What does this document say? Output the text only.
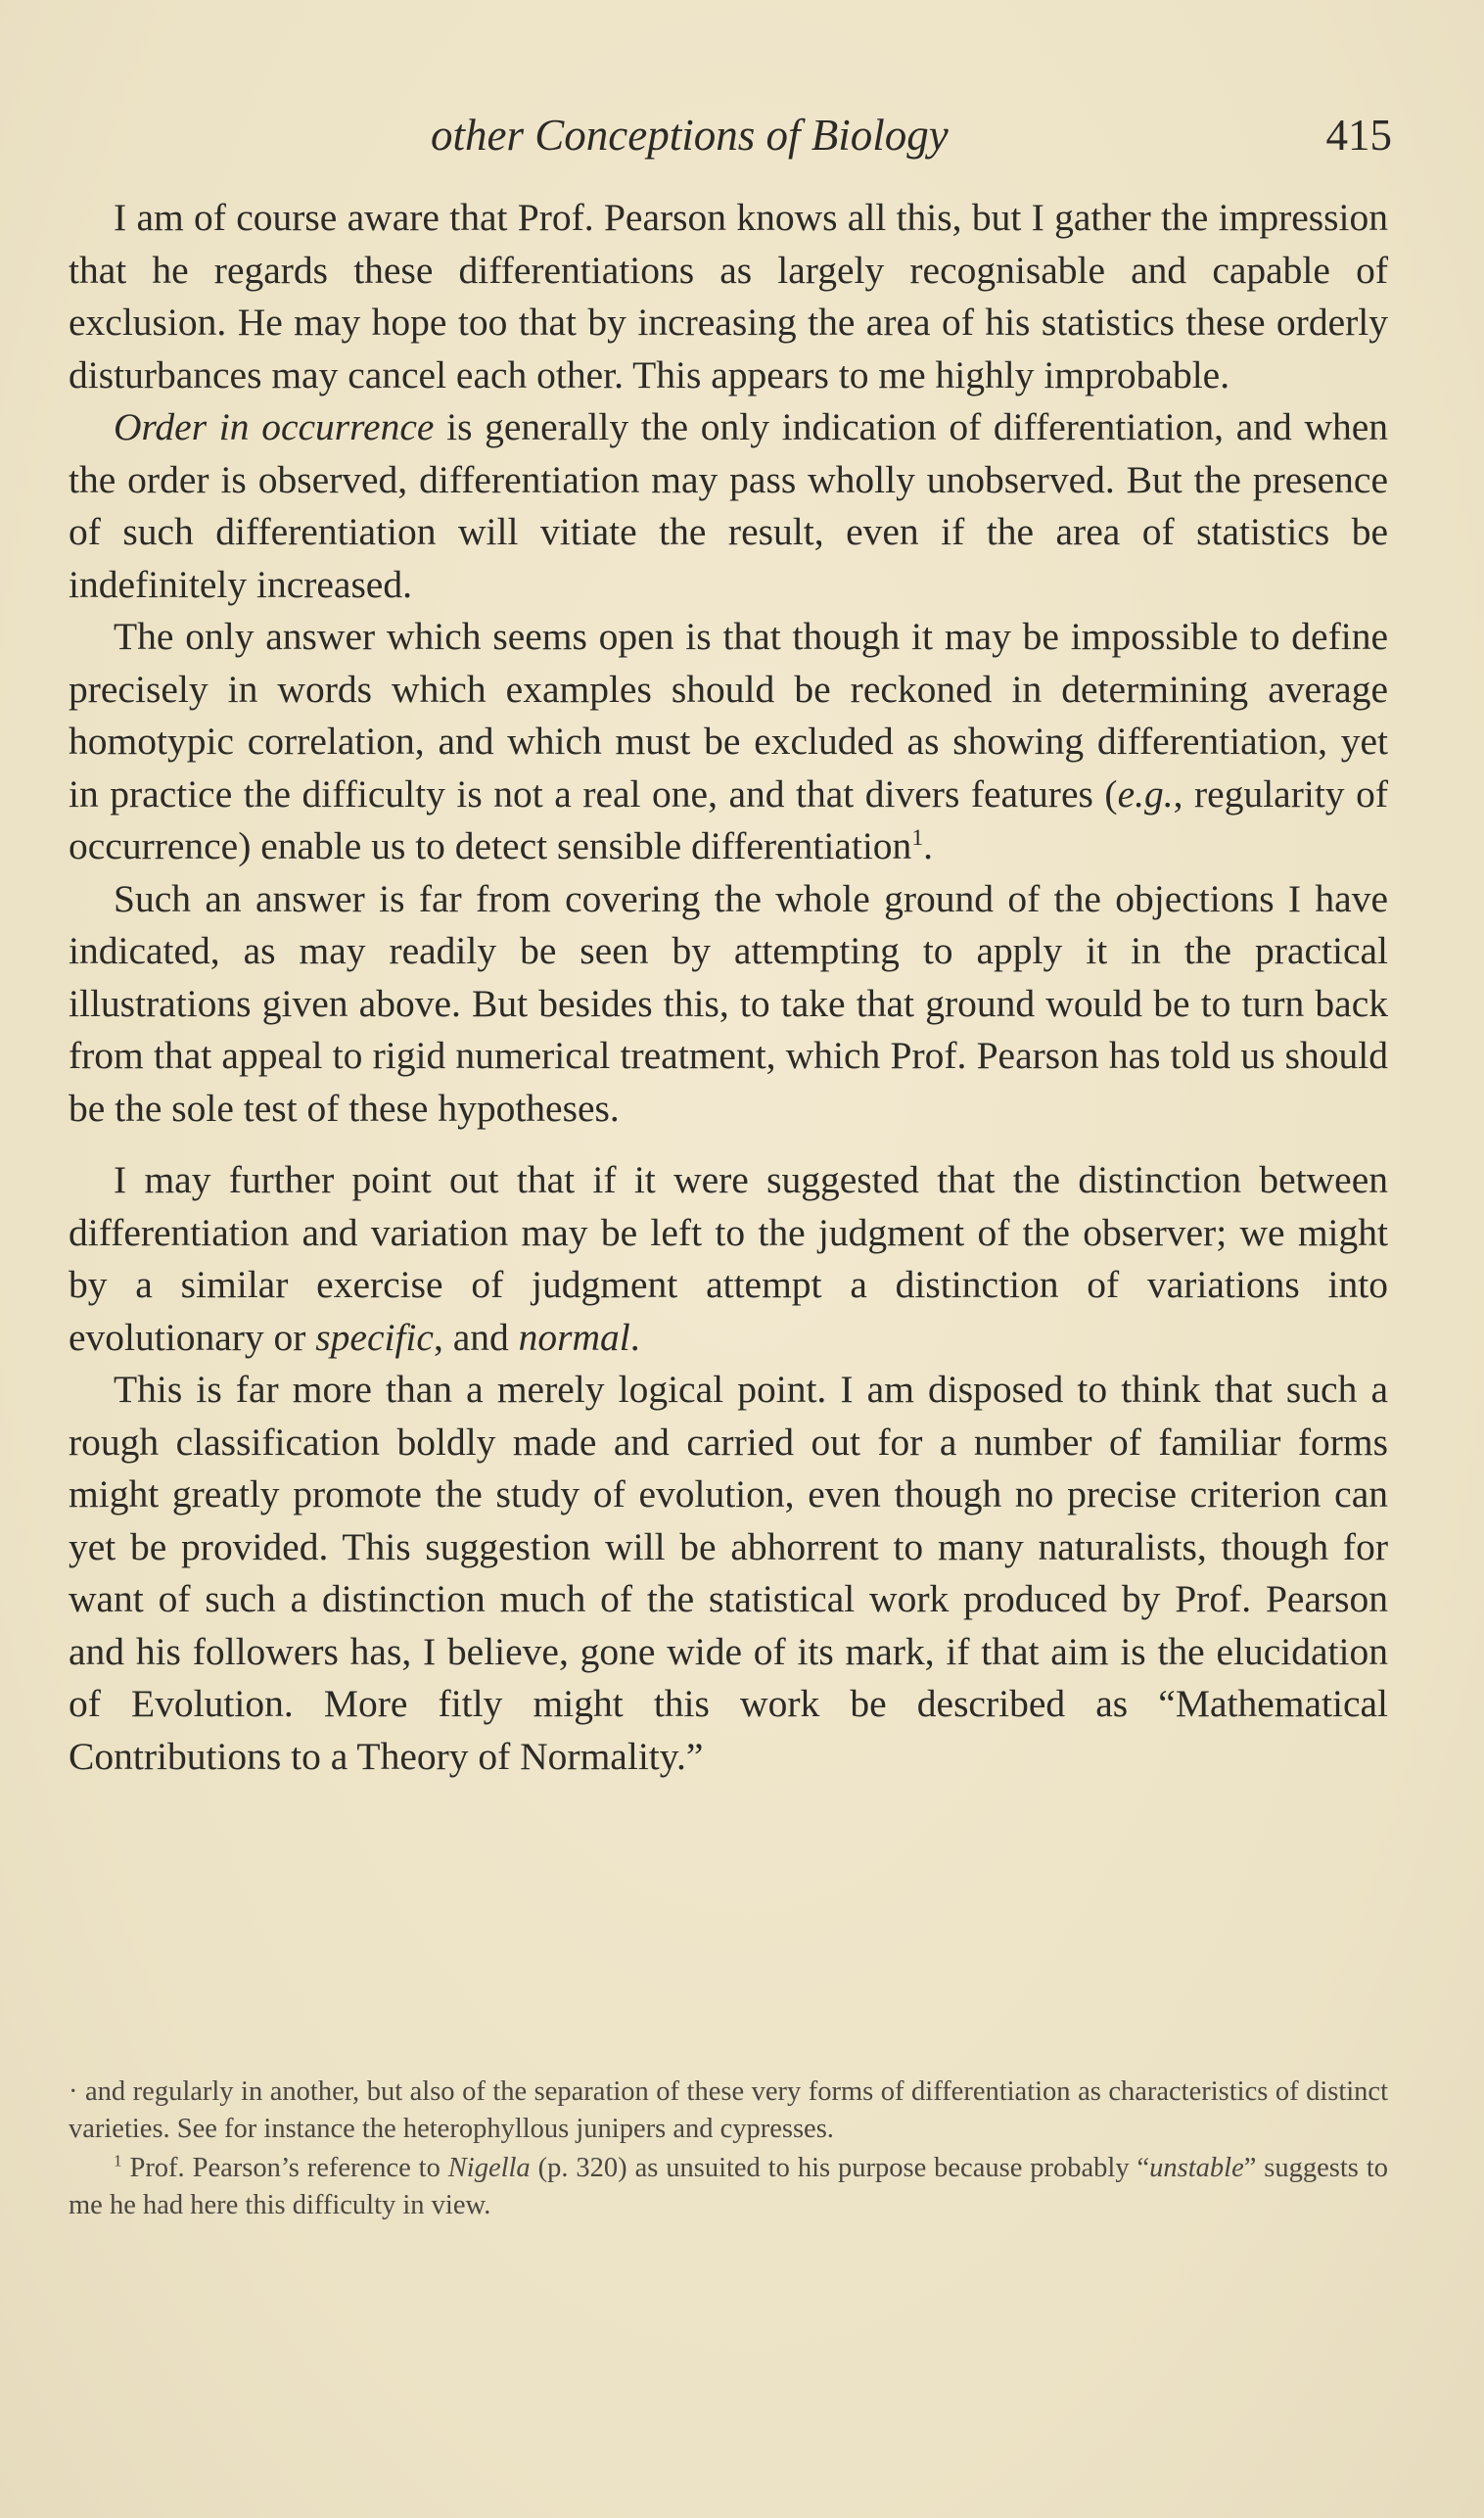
other Conceptions of Biology	415

I am of course aware that Prof. Pearson knows all this, but I gather the impression that he regards these differentiations as largely recognisable and capable of exclusion. He may hope too that by increasing the area of his statistics these orderly disturbances may cancel each other. This appears to me highly improbable.

Order in occurrence is generally the only indication of differentiation, and when the order is observed, differentiation may pass wholly unobserved. But the presence of such differentiation will vitiate the result, even if the area of statistics be indefinitely increased.

The only answer which seems open is that though it may be impossible to define precisely in words which examples should be reckoned in determining average homotypic correlation, and which must be excluded as showing differentiation, yet in practice the difficulty is not a real one, and that divers features (e.g., regularity of occurrence) enable us to detect sensible differentiation$^1$.

Such an answer is far from covering the whole ground of the objections I have indicated, as may readily be seen by attempting to apply it in the practical illustrations given above. But besides this, to take that ground would be to turn back from that appeal to rigid numerical treatment, which Prof. Pearson has told us should be the sole test of these hypotheses.

I may further point out that if it were suggested that the distinction between differentiation and variation may be left to the judgment of the observer; we might by a similar exercise of judgment attempt a distinction of variations into evolutionary or specific, and normal.

This is far more than a merely logical point. I am disposed to think that such a rough classification boldly made and carried out for a number of familiar forms might greatly promote the study of evolution, even though no precise criterion can yet be provided. This suggestion will be abhorrent to many naturalists, though for want of such a distinction much of the statistical work produced by Prof. Pearson and his followers has, I believe, gone wide of its mark, if that aim is the elucidation of Evolution. More fitly might this work be described as “Mathematical Contributions to a Theory of Normality.”

· and regularly in another, but also of the separation of these very forms of differentiation as characteristics of distinct varieties. See for instance the heterophyllous junipers and cypresses.

$^1$ Prof. Pearson’s reference to Nigella (p. 320) as unsuited to his purpose because probably “unstable” suggests to me he had here this difficulty in view.
